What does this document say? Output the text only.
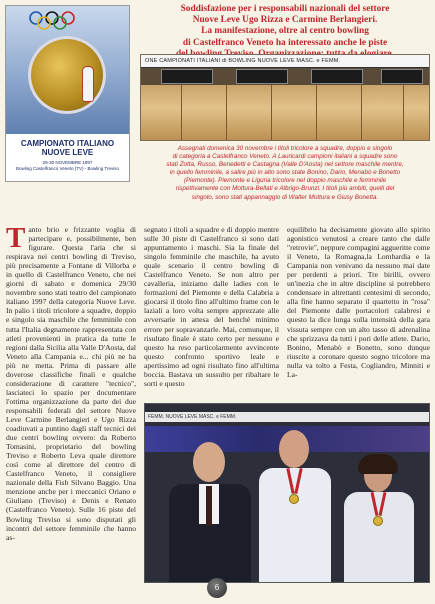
CAMPIONATO ITALIANO
NUOVE LEVE
29-30 NOVEMBRE 1997
Bowling Castelfranco Veneto (TV) - Bowling Treviso
Soddisfazione per i responsabili nazionali del settore
Nuove Leve Ugo Rizza e Carmine Berlangieri.
La manifestazione, oltre al centro bowling
di Castelfranco Veneto ha interessato anche le piste
ONE CAMPIONATI ITALIANI di BOWLING NUOVE LEVE MASC. e FEMM.
Assegnati domenica 30 novembre i titoli tricolore a squadre, doppio e singolo
di categoria a Castelfranco Veneto. A Lauricardi campioni italiani a squadre sono
stati Zotta, Russo, Benedetti e Castagna (Valle D'Aosta) nel settore maschile mentre,
in quello femminile, a salire più in alto sono state Bonino, Dario, Menabò e Bonetto
(Piemonte). Piemonte e Liguria tricolore nel doppio maschile e femminile
rispettivamente con Mottura-Bellati e Albrigo-Brunzi. I titoli più ambiti, quelli del
singolo, sono stati appannaggio di Walter Mottura e Giusy Bonetta.
Tanto brio e frizzante voglia di partecipare e, possibilmente, ben figurare. Questa l'aria che si respirava nei centri bowling di Treviso, più precisamente a Fontane di Villorba e in quello di Castelfranco Veneto, che nei giorni di sabato e domenica 29/30 novembre sono stati teatro del campionato italiano 1997 della categoria Nuove Leve. In palio i titoli tricolore a squadre, doppio e singolo sia maschile che femminile con tutta l'Italia degnamente rappresentata con atleti provenienti in pratica da tutte le regioni dalla Sicilia alla Valle D'Aosta, dal Veneto alla Campania e... chi più ne ha più ne metta. Prima di passare alle doverose classifiche finali e qualche considerazione di carattere "tecnico", lasciateci lo spazio per documentare l'ottima organizzazione da parte dei due responsabili federali del settore Nuove Leve Carmine Berlangieri e Ugo Rizza coadiuvati a puntino dagli staff tecnici dei due centri bowling ovvero: da Roberto Tomasini, proprietario del bowling Treviso e Roberto Leva quale direttore così come al direttore del centro di Castelfranco Veneto, il consigliere nazionale della Fisb Silvano Baggio. Una menzione anche per i meccanici Oriano e Giuliano (Treviso) e Denis e Renato (Castelfranco Veneto). Sulle 16 piste del Bowling Treviso si sono disputati gli incontri del settore femminile che hanno as-
segnato i titoli a squadre e di doppio mentre sulle 30 piste di Castelfranco si sono dati appuntamento i maschi. Sia la finale del singolo femminile che maschile, ha avuto quale scenario il centro bowling di Castelfranco Veneto. Se non altro per cavalleria, iniziamo dalle ladies con le formazioni del Piemonte e della Calabria a giocarsi il titolo fino all'ultimo frame con le laziali a loro volta sempre apprezzate alle avversarie in attesa del benché minimo errore per sopravanzarle. Mai, comunque, il risultato finale è stato certo per nessuno e questo ha reso particolarmente avvincente questo confronto sportivo leale e apertissimo ad ogni risultato fino all'ultima boccia. Bastava un sussulto per ribaltare le sorti e questo
equilibrio ha decisamente giovato allo spirito agonistico venutosi a creare tanto che dalle "retrovie", neppure compagini aggueritte come il Veneto, la Romagna,la Lombardia e la Campania non venivano da nessuno mai date per perdenti a priori. Tre birilli, ovvero un'inezia che in altre discipline si potrebbero condensare in altrettanti centesimi di secondo, alla fine hanno separato il quartetto in "rosa" del Piemonte dalle portacolori calabresi e questo la dice lunga sulla intensità della gara vissuta sempre con un alto tasso di adrenalina che sprizzava da tutti i pori delle atlete. Dario, Bonino, Menabò e Bonetto, sono dunque riuscite a coronare questo sogno tricolore ma nulla va tolto a Festa, Cogliandro, Minniti e La-
FEMM. NUOVE LEVE MASC. e FEMM.
6
